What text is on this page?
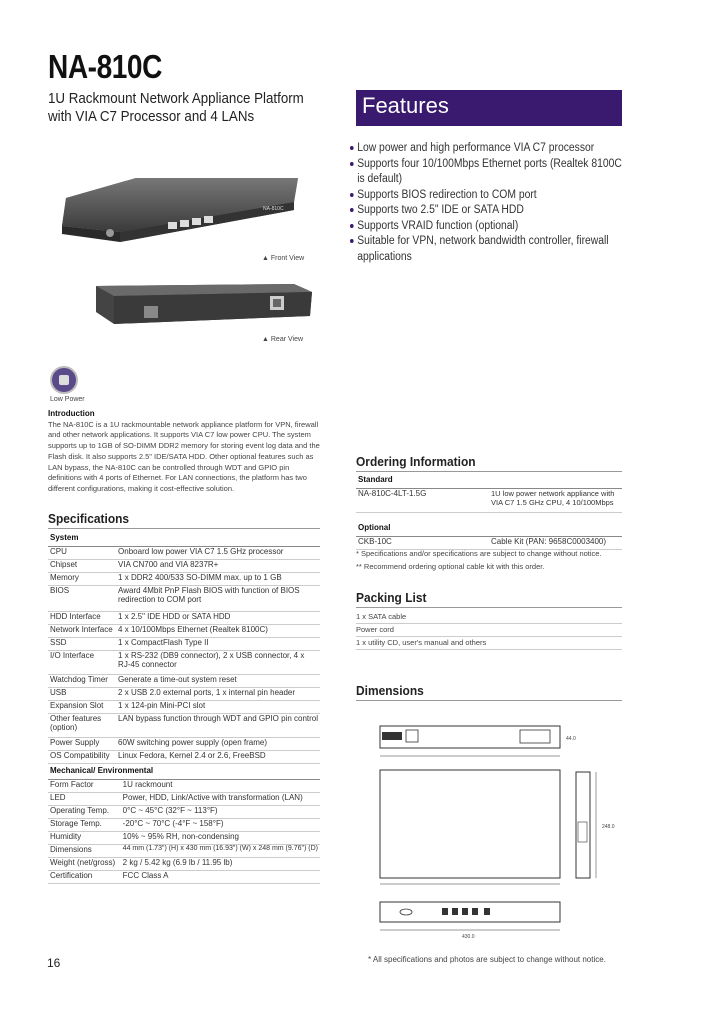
NA-810C
1U Rackmount Network Appliance Platform
with VIA C7 Processor and 4 LANs
NA-810C
▲ Front View
▲ Rear View
Low Power
Features
Low power and high performance VIA C7 processor
Supports four 10/100Mbps Ethernet ports (Realtek 8100C is default)
Supports BIOS redirection to COM port
Supports two 2.5" IDE or SATA HDD
Supports VRAID function (optional)
Suitable for VPN, network bandwidth controller, firewall applications
Introduction
The NA-810C is a 1U rackmountable network appliance platform for VPN, firewall and other network applications. It supports VIA C7 low power CPU. The system supports up to 1GB of SO-DIMM DDR2 memory for storing event log data and the Flash disk. It also supports 2.5" IDE/SATA HDD. Other optional features such as LAN bypass, the NA-810C can be controlled through WDT and GPIO pin definitions with 4 ports of Ethernet. For LAN connections, the platform has two different configurations, making it cost-effective solution.
Specifications
System	
CPU	Onboard low power VIA C7 1.5 GHz processor
Chipset	VIA CN700 and VIA 8237R+
Memory	1 x DDR2 400/533 SO-DIMM max. up to 1 GB
BIOS	Award 4Mbit PnP Flash BIOS with function of BIOS redirection to COM port
HDD Interface	1 x 2.5" IDE HDD or SATA HDD
Network Interface	4 x 10/100Mbps Ethernet (Realtek 8100C)
SSD	1 x CompactFlash Type II
I/O Interface	1 x RS-232 (DB9 connector), 2 x USB connector, 4 x RJ-45 connector
Watchdog Timer	Generate a time-out system reset
USB	2 x USB 2.0 external ports, 1 x internal pin header
Expansion Slot	1 x 124-pin Mini-PCI slot
Other features (option)	LAN bypass function through WDT and GPIO pin control
Power Supply	60W switching power supply (open frame)
OS Compatibility	Linux Fedora, Kernel 2.4 or 2.6, FreeBSD
Mechanical/ Environmental	
Form Factor	1U rackmount
LED	Power, HDD, Link/Active with transformation (LAN)
Operating Temp.	0°C ~ 45°C (32°F ~ 113°F)
Storage Temp.	-20°C ~ 70°C (-4°F ~ 158°F)
Humidity	10% ~ 95% RH, non-condensing
Dimensions	44 mm (1.73") (H) x 430 mm (16.93") (W) x 248 mm (9.76") (D)
Weight (net/gross)	2 kg / 5.42 kg (6.9 lb / 11.95 lb)
Certification	FCC Class A
Ordering Information
Standard
NA-810C-4LT-1.5G	1U low power network appliance with VIA C7 1.5 GHz CPU, 4 10/100Mbps
Optional
CKB-10C	Cable Kit (PAN: 9658C0003400)
* Specifications and/or specifications are subject to change without notice.
** Recommend ordering optional cable kit with this order.
Packing List
1 x SATA cable
Power cord
1 x utility CD, user's manual and others
Dimensions
430.0
248.0
44.0
16	* All specifications and photos are subject to change without notice.
